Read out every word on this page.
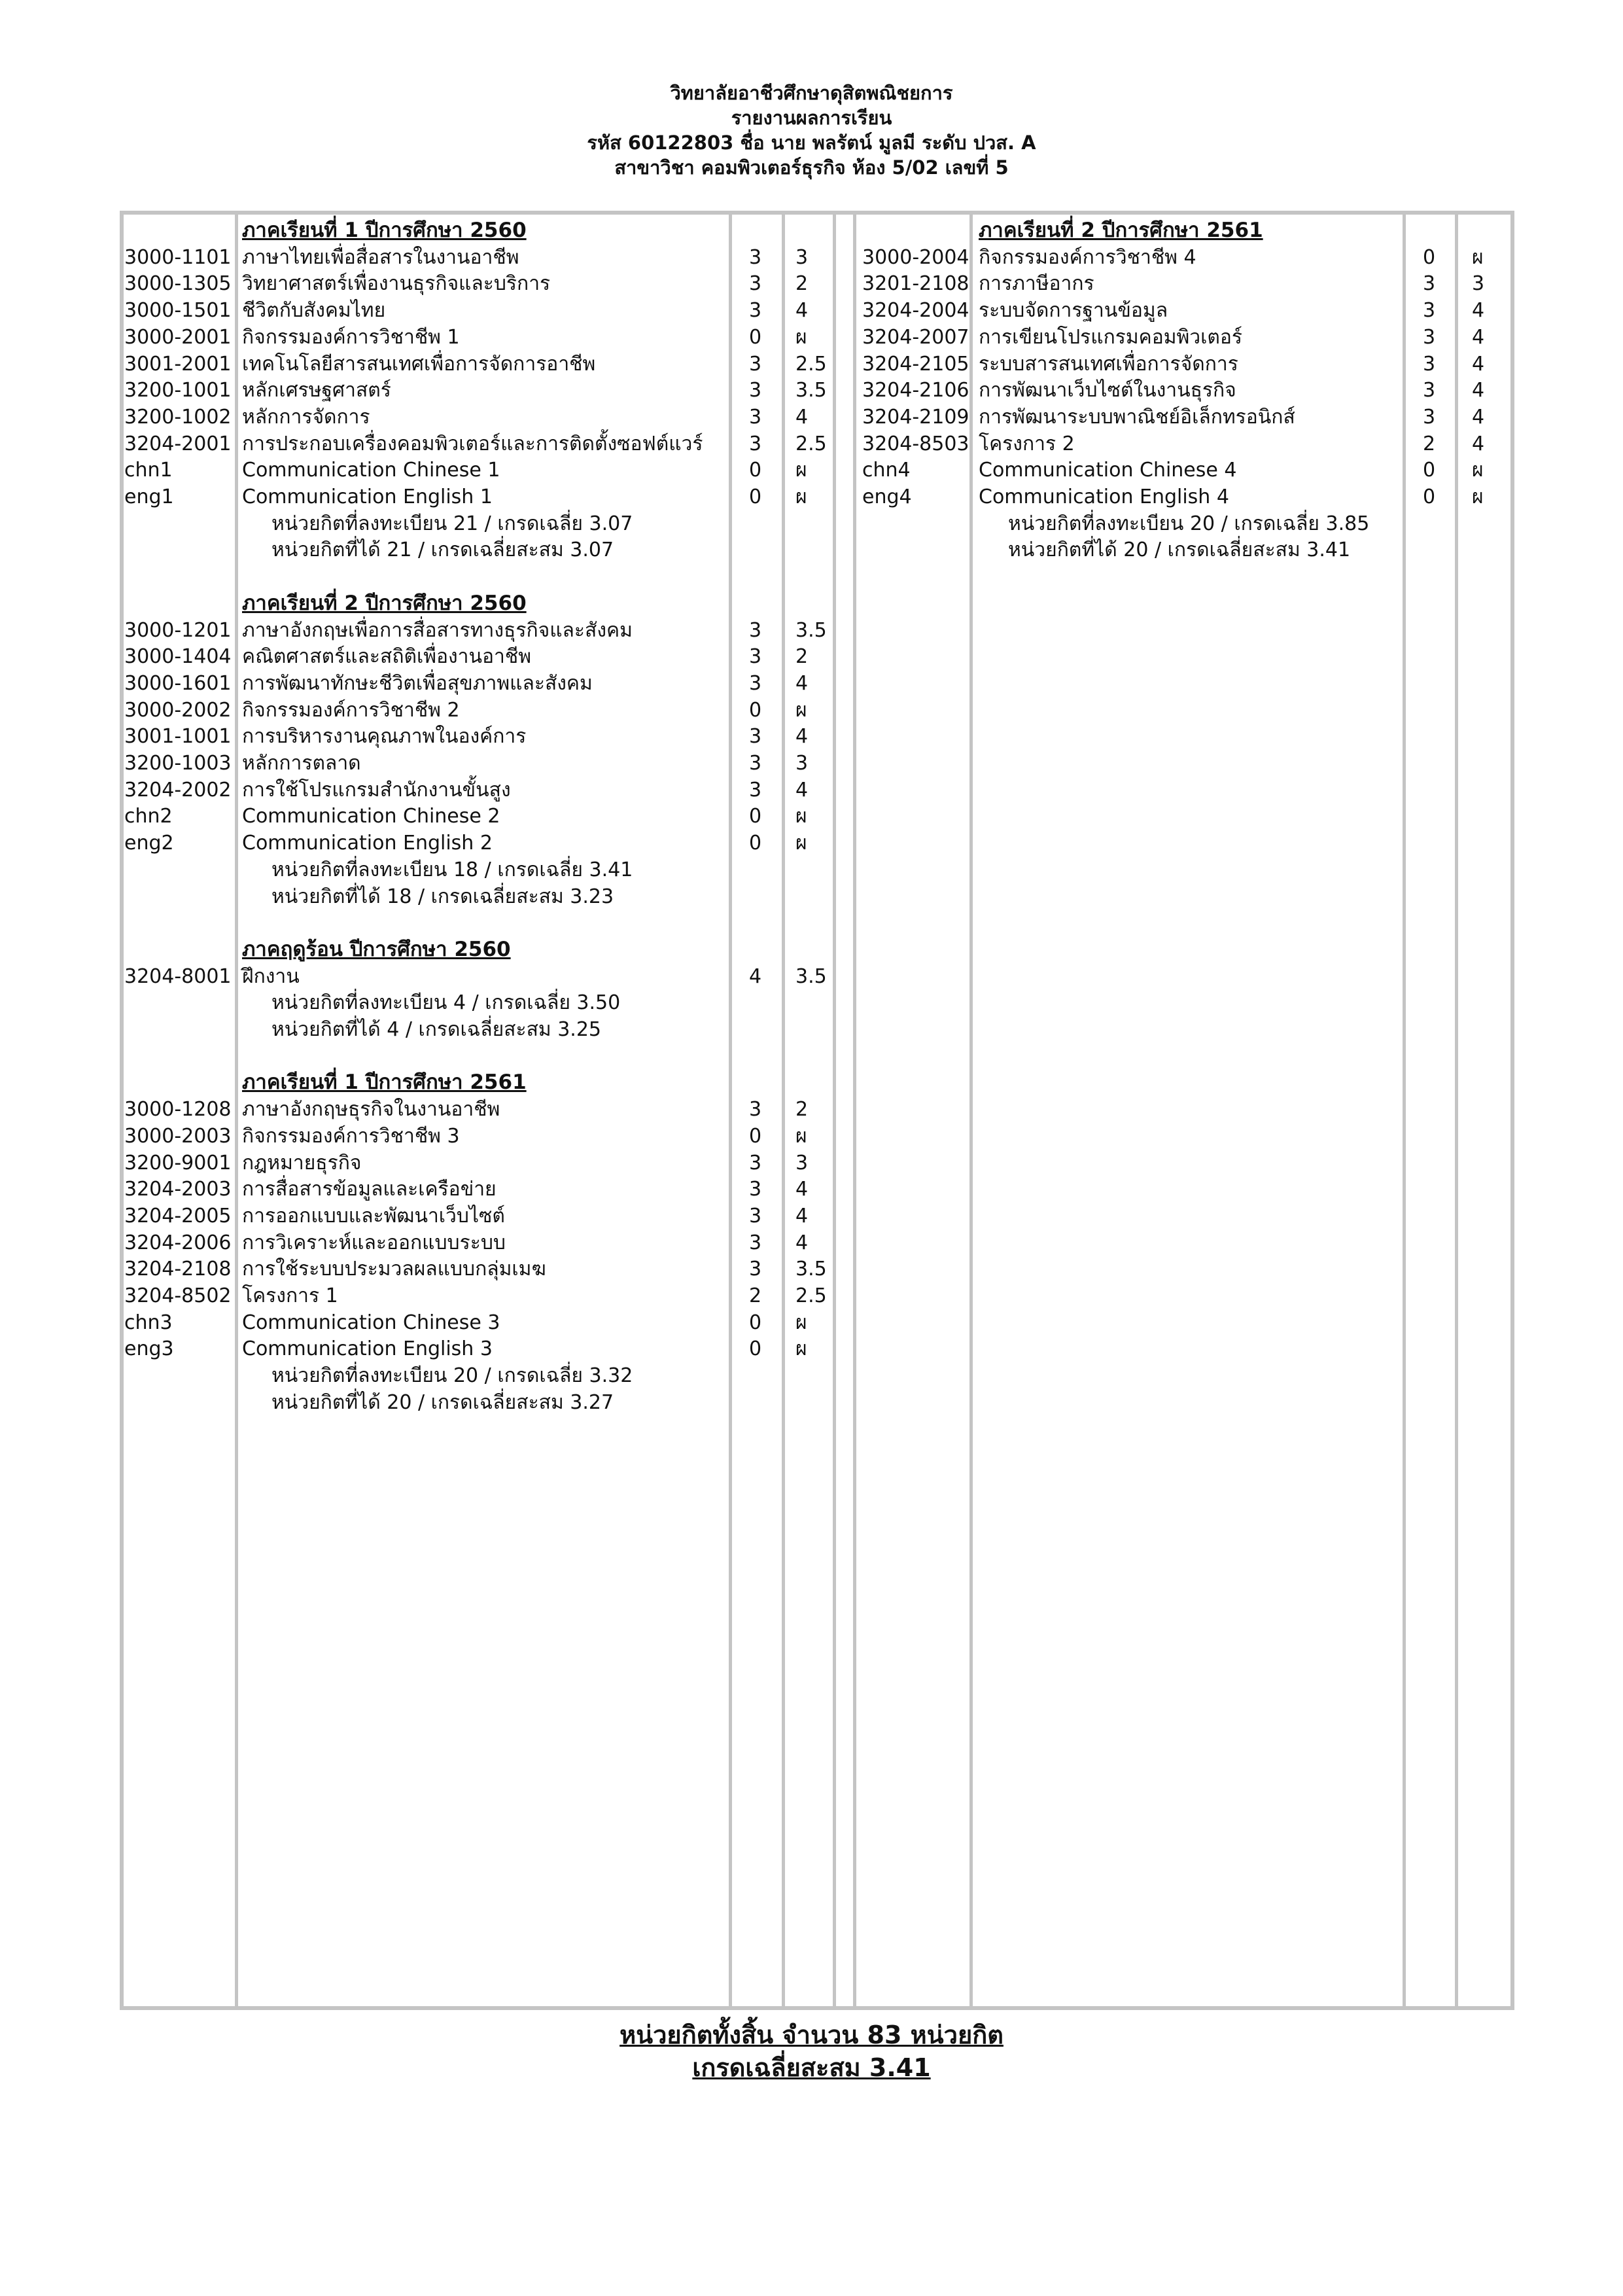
วิทยาลัยอาชีวศึกษาดุสิตพณิชยการ
รายงานผลการเรียน
รหัส 60122803 ชื่อ นาย พลรัตน์ มูลมี ระดับ ปวส. A
สาขาวิชา คอมพิวเตอร์ธุรกิจ ห้อง 5/02 เลขที่ 5
ภาคเรียนที่ 1 ปีการศึกษา 2560
3000-1101 ภาษาไทยเพื่อสื่อสารในงานอาชีพ	3 3
3000-1305 วิทยาศาสตร์เพื่องานธุรกิจและบริการ	3 2
3000-1501 ชีวิตกับสังคมไทย	3 4
3000-2001 กิจกรรมองค์การวิชาชีพ 1	0 ผ
3001-2001 เทคโนโลยีสารสนเทศเพื่อการจัดการอาชีพ	3 2.5
3200-1001 หลักเศรษฐศาสตร์	3 3.5
3200-1002 หลักการจัดการ	3 4
3204-2001 การประกอบเครื่องคอมพิวเตอร์และการติดตั้งซอฟต์แวร์ 3 2.5
chn1	Communication Chinese 1	0 ผ
eng1	Communication English 1	0 ผ
หน่วยกิตที่ลงทะเบียน 21 / เกรดเฉลี่ย 3.07
หน่วยกิตที่ได้ 21 / เกรดเฉลี่ยสะสม 3.07
ภาคเรียนที่ 2 ปีการศึกษา 2560
3000-1201 ภาษาอังกฤษเพื่อการสื่อสารทางธุรกิจและสังคม	3 3.5
3000-1404 คณิตศาสตร์และสถิติเพื่องานอาชีพ	3 2
3000-1601 การพัฒนาทักษะชีวิตเพื่อสุขภาพและสังคม	3 4
3000-2002 กิจกรรมองค์การวิชาชีพ 2	0 ผ
3001-1001 การบริหารงานคุณภาพในองค์การ	3 4
3200-1003 หลักการตลาด	3 3
3204-2002 การใช้โปรแกรมสำนักงานขั้นสูง	3 4
chn2	Communication Chinese 2	0 ผ
eng2	Communication English 2	0 ผ
หน่วยกิตที่ลงทะเบียน 18 / เกรดเฉลี่ย 3.41
หน่วยกิตที่ได้ 18 / เกรดเฉลี่ยสะสม 3.23
ภาคฤดูร้อน ปีการศึกษา 2560
3204-8001 ฝึกงาน	4 3.5
หน่วยกิตที่ลงทะเบียน 4 / เกรดเฉลี่ย 3.50
หน่วยกิตที่ได้ 4 / เกรดเฉลี่ยสะสม 3.25
ภาคเรียนที่ 1 ปีการศึกษา 2561
3000-1208 ภาษาอังกฤษธุรกิจในงานอาชีพ	3 2
3000-2003 กิจกรรมองค์การวิชาชีพ 3	0 ผ
3200-9001 กฎหมายธุรกิจ	3 3
3204-2003 การสื่อสารข้อมูลและเครือข่าย	3 4
3204-2005 การออกแบบและพัฒนาเว็บไซต์	3 4
3204-2006 การวิเคราะห์และออกแบบระบบ	3 4
3204-2108 การใช้ระบบประมวลผลแบบกลุ่มเมฆ	3 3.5
3204-8502 โครงการ 1	2 2.5
chn3	Communication Chinese 3	0 ผ
eng3	Communication English 3	0 ผ
หน่วยกิตที่ลงทะเบียน 20 / เกรดเฉลี่ย 3.32
หน่วยกิตที่ได้ 20 / เกรดเฉลี่ยสะสม 3.27
ภาคเรียนที่ 2 ปีการศึกษา 2561
3000-2004 กิจกรรมองค์การวิชาชีพ 4	0 ผ
3201-2108 การภาษีอากร	3 3
3204-2004 ระบบจัดการฐานข้อมูล	3 4
3204-2007 การเขียนโปรแกรมคอมพิวเตอร์	3 4
3204-2105 ระบบสารสนเทศเพื่อการจัดการ	3 4
3204-2106 การพัฒนาเว็บไซต์ในงานธุรกิจ	3 4
3204-2109 การพัฒนาระบบพาณิชย์อิเล็กทรอนิกส์	3 4
3204-8503 โครงการ 2	2 4
chn4	Communication Chinese 4	0 ผ
eng4	Communication English 4	0 ผ
หน่วยกิตที่ลงทะเบียน 20 / เกรดเฉลี่ย 3.85
หน่วยกิตที่ได้ 20 / เกรดเฉลี่ยสะสม 3.41
หน่วยกิตทั้งสิ้น จำนวน 83 หน่วยกิต
เกรดเฉลี่ยสะสม 3.41
